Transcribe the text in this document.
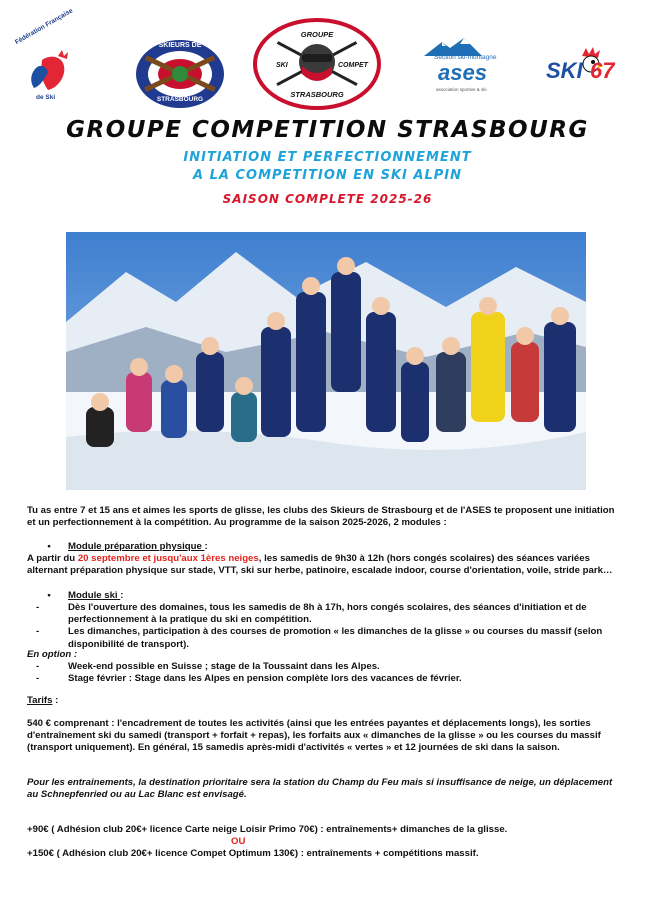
Fédération Française
de Ski
SKIEURS DE
STRASBOURG
GROUPE
SKI	COMPET
STRASBOURG
Section ski-montagne
ases
association sportive & ski
SKI 67
GROUPE COMPETITION STRASBOURG
INITIATION ET PERFECTIONNEMENT
A LA COMPETITION EN SKI ALPIN
SAISON COMPLETE 2025-26
Tu as entre 7 et 15 ans et aimes les sports de glisse, les clubs des Skieurs de Strasbourg et de l'ASES te proposent une initiation et un perfectionnement à la compétition. Au programme de la saison 2025-2026, 2 modules :
• Module préparation physique :
A partir du 20 septembre et jusqu'aux 1ères neiges, les samedis de 9h30 à 12h (hors congés scolaires) des séances variées alternant préparation physique sur stade, VTT, ski sur herbe, patinoire, escalade indoor, course d'orientation, voile, stride park…
• Module ski :
-	Dès l'ouverture des domaines, tous les samedis de 8h à 17h, hors congés scolaires, des séances d'initiation et de perfectionnement à la pratique du ski en compétition.
-	Les dimanches, participation à des courses de promotion « les dimanches de la glisse » ou courses du massif (selon disponibilité de transport).
En option :
-	Week-end possible en Suisse ; stage de la Toussaint dans les Alpes.
-	Stage février : Stage dans les Alpes en pension complète lors des vacances de février.
Tarifs :
540 € comprenant : l'encadrement de toutes les activités (ainsi que les entrées payantes et déplacements longs), les sorties d'entraînement ski du samedi (transport + forfait + repas), les forfaits aux « dimanches de la glisse » ou les courses du massif (transport uniquement). En général, 15 samedis après-midi d'activités « vertes » et 12 journées de ski dans la saison.
Pour les entrainements, la destination prioritaire sera la station du Champ du Feu mais si insuffisance de neige, un déplacement au Schnepfenried ou au Lac Blanc est envisagé.
+90€ ( Adhésion club 20€+ licence Carte neige Loisir Primo 70€) : entraînements+ dimanches de la glisse.
OU
+150€ ( Adhésion club 20€+ licence Compet Optimum 130€) : entraînements + compétitions massif.
